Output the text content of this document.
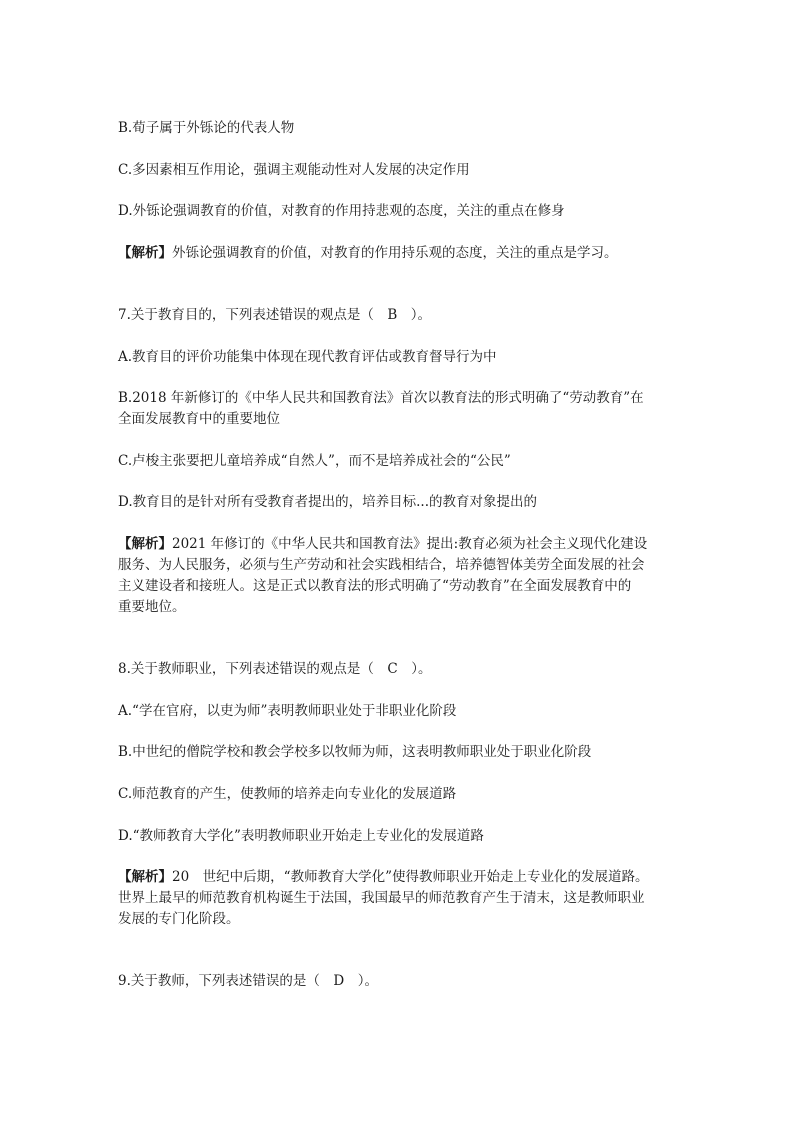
B.荀子属于外铄论的代表人物
C.多因素相互作用论，强调主观能动性对人发展的决定作用
D.外铄论强调教育的价值，对教育的作用持悲观的态度，关注的重点在修身
【解析】外铄论强调教育的价值，对教育的作用持乐观的态度，关注的重点是学习。
7.关于教育目的，下列表述错误的观点是（　B　）。
A.教育目的评价功能集中体现在现代教育评估或教育督导行为中
B.2018 年新修订的《中华人民共和国教育法》首次以教育法的形式明确了“劳动教育”在
全面发展教育中的重要地位
C.卢梭主张要把儿童培养成“自然人”，而不是培养成社会的“公民”
D.教育目的是针对所有受教育者提出的，培养目标...的教育对象提出的
【解析】2021 年修订的《中华人民共和国教育法》提出:教育必须为社会主义现代化建设
服务、为人民服务，必须与生产劳动和社会实践相结合，培养德智体美劳全面发展的社会
主义建设者和接班人。这是正式以教育法的形式明确了“劳动教育”在全面发展教育中的
重要地位。
8.关于教师职业，下列表述错误的观点是（　C　）。
A.“学在官府，以吏为师”表明教师职业处于非职业化阶段
B.中世纪的僧院学校和教会学校多以牧师为师，这表明教师职业处于职业化阶段
C.师范教育的产生，使教师的培养走向专业化的发展道路
D.“教师教育大学化”表明教师职业开始走上专业化的发展道路
【解析】20　世纪中后期，“教师教育大学化”使得教师职业开始走上专业化的发展道路。
世界上最早的师范教育机构诞生于法国，我国最早的师范教育产生于清末，这是教师职业
发展的专门化阶段。
9.关于教师，下列表述错误的是（　D　）。
